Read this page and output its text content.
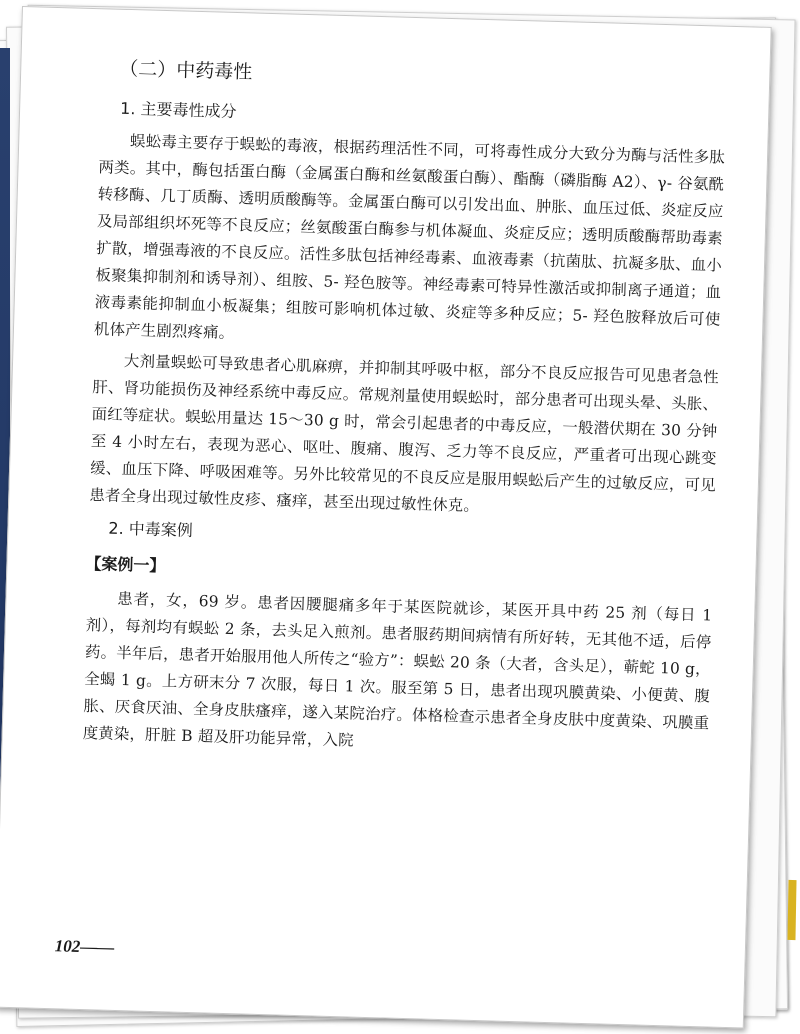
（二）中药毒性
1. 主要毒性成分

蜈蚣毒主要存于蜈蚣的毒液，根据药理活性不同，可将毒性成分大致分为酶与活性多肽两类。其中，酶包括蛋白酶（金属蛋白酶和丝氨酸蛋白酶）、酯酶（磷脂酶 A2）、γ- 谷氨酰转移酶、几丁质酶、透明质酸酶等。金属蛋白酶可以引发出血、肿胀、血压过低、炎症反应及局部组织坏死等不良反应；丝氨酸蛋白酶参与机体凝血、炎症反应；透明质酸酶帮助毒素扩散，增强毒液的不良反应。活性多肽包括神经毒素、血液毒素（抗菌肽、抗凝多肽、血小板聚集抑制剂和诱导剂）、组胺、5- 羟色胺等。神经毒素可特异性激活或抑制离子通道；血液毒素能抑制血小板凝集；组胺可影响机体过敏、炎症等多种反应；5- 羟色胺释放后可使机体产生剧烈疼痛。

大剂量蜈蚣可导致患者心肌麻痹，并抑制其呼吸中枢，部分不良反应报告可见患者急性肝、肾功能损伤及神经系统中毒反应。常规剂量使用蜈蚣时，部分患者可出现头晕、头胀、面红等症状。蜈蚣用量达 15～30 g 时，常会引起患者的中毒反应，一般潜伏期在 30 分钟至 4 小时左右，表现为恶心、呕吐、腹痛、腹泻、乏力等不良反应，严重者可出现心跳变缓、血压下降、呼吸困难等。另外比较常见的不良反应是服用蜈蚣后产生的过敏反应，可见患者全身出现过敏性皮疹、瘙痒，甚至出现过敏性休克。

2. 中毒案例
【案例一】

患者，女，69 岁。患者因腰腿痛多年于某医院就诊，某医开具中药 25 剂（每日 1 剂），每剂均有蜈蚣 2 条，去头足入煎剂。患者服药期间病情有所好转，无其他不适，后停药。半年后，患者开始服用他人所传之“验方”：蜈蚣 20 条（大者，含头足），蕲蛇 10 g，全蝎 1 g。上方研末分 7 次服，每日 1 次。服至第 5 日，患者出现巩膜黄染、小便黄、腹胀、厌食厌油、全身皮肤瘙痒，遂入某院治疗。体格检查示患者全身皮肤中度黄染、巩膜重度黄染，肝脏 B 超及肝功能异常，入院

102——
